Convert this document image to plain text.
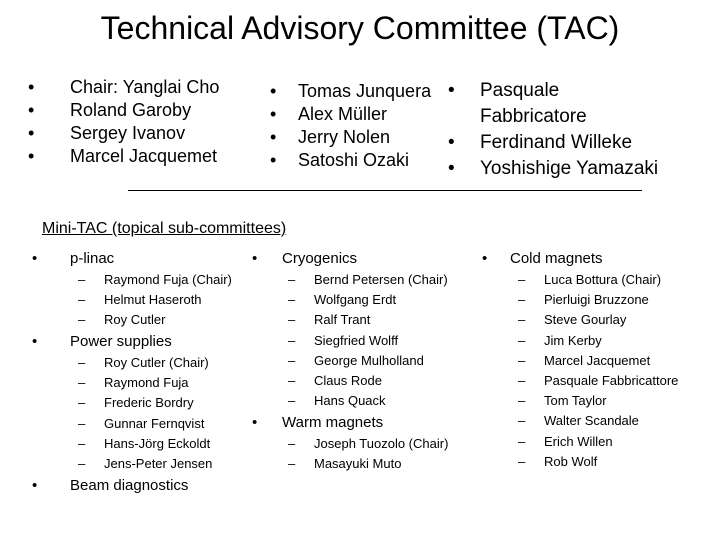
Technical Advisory Committee (TAC)
•	Chair: Yanglai Cho
•	Roland Garoby
•	Sergey Ivanov
•	Marcel Jacquemet
•	Tomas Junquera
•	Alex Müller
•	Jerry Nolen
•	Satoshi Ozaki
•	Pasquale
Fabbricatore
•	Ferdinand Willeke
•	Yoshishige Yamazaki
Mini-TAC (topical sub-committees)
•	p-linac
–	Raymond Fuja (Chair)
–	Helmut Haseroth
–	Roy Cutler
•	Power supplies
–	Roy Cutler (Chair)
–	Raymond Fuja
–	Frederic Bordry
–	Gunnar Fernqvist
–	Hans-Jörg Eckoldt
–	Jens-Peter Jensen
•	Beam diagnostics
•	Cryogenics
–	Bernd Petersen (Chair)
–	Wolfgang Erdt
–	Ralf Trant
–	Siegfried Wolff
–	George Mulholland
–	Claus Rode
–	Hans Quack
•	Warm magnets
–	Joseph Tuozolo (Chair)
–	Masayuki Muto
•	Cold magnets
–	Luca Bottura (Chair)
–	Pierluigi Bruzzone
–	Steve Gourlay
–	Jim Kerby
–	Marcel Jacquemet
–	Pasquale Fabbricattore
–	Tom Taylor
–	Walter Scandale
–	Erich Willen
–	Rob Wolf
